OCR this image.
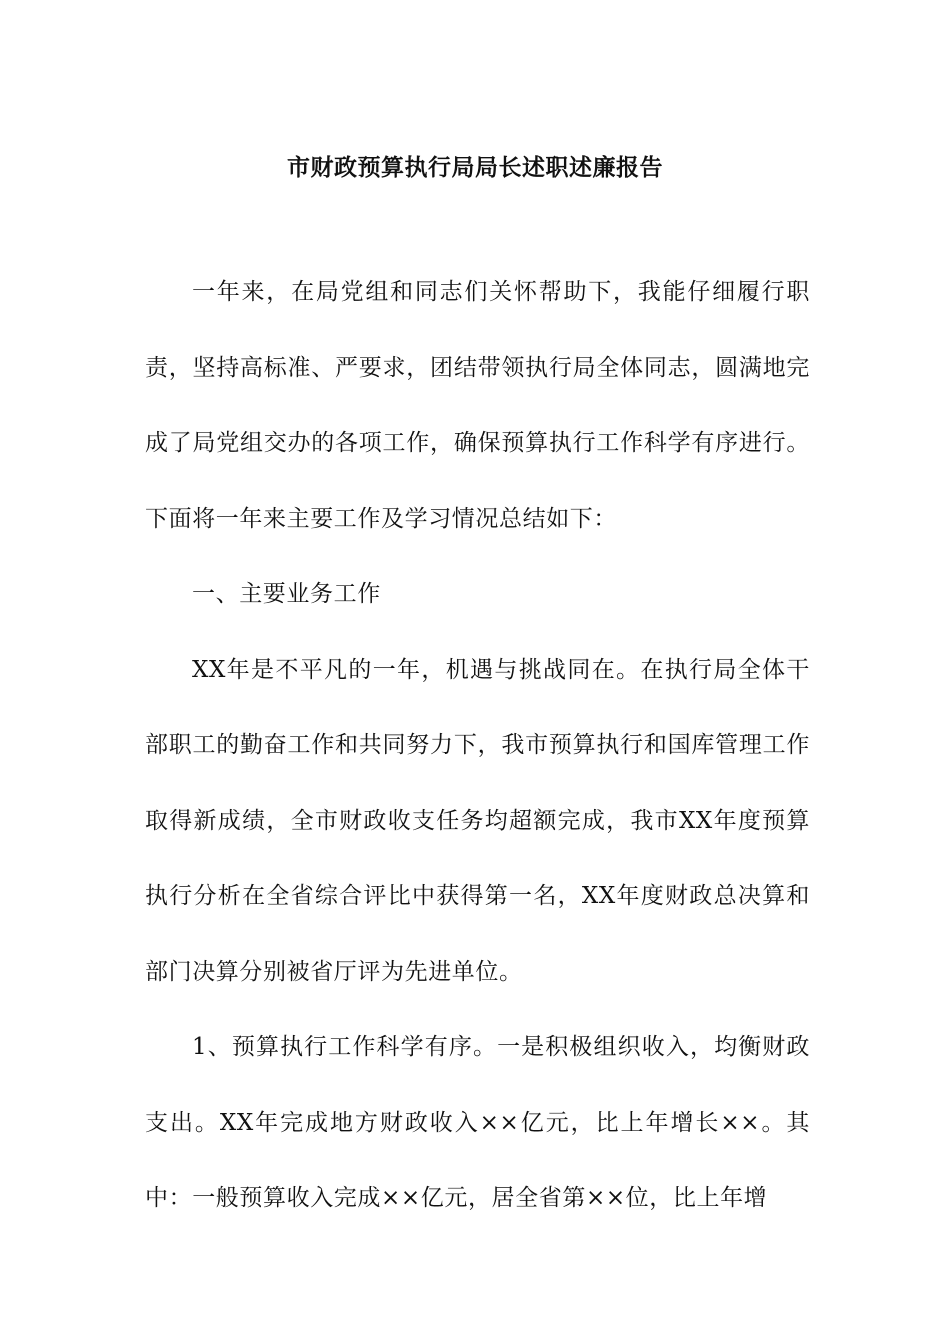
市财政预算执行局局长述职述廉报告

一年来，在局党组和同志们关怀帮助下，我能仔细履行职责，坚持高标准、严要求，团结带领执行局全体同志，圆满地完成了局党组交办的各项工作，确保预算执行工作科学有序进行。下面将一年来主要工作及学习情况总结如下：

一、主要业务工作

XX年是不平凡的一年，机遇与挑战同在。在执行局全体干部职工的勤奋工作和共同努力下，我市预算执行和国库管理工作取得新成绩，全市财政收支任务均超额完成，我市XX年度预算执行分析在全省综合评比中获得第一名，XX年度财政总决算和部门决算分别被省厅评为先进单位。

1、预算执行工作科学有序。一是积极组织收入，均衡财政支出。XX年完成地方财政收入××亿元，比上年增长××。其中：一般预算收入完成××亿元，居全省第××位，比上年增
